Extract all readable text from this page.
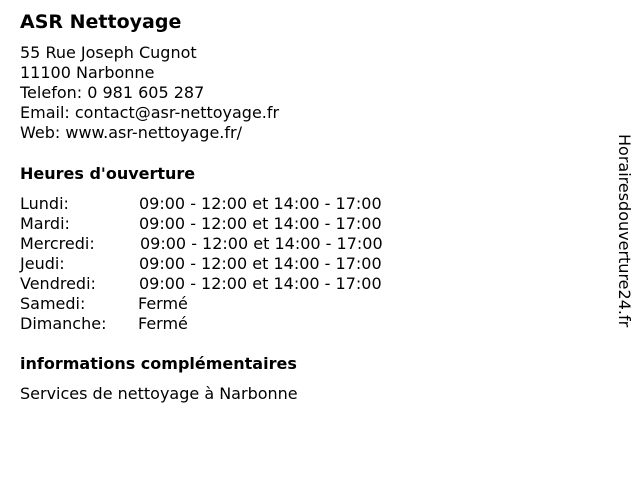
ASR Nettoyage
55 Rue Joseph Cugnot
11100 Narbonne
Telefon: 0 981 605 287
Email: contact@asr-nettoyage.fr
Web: www.asr-nettoyage.fr/
Heures d'ouverture
Lundi:	09:00 - 12:00 et 14:00 - 17:00
Mardi:	09:00 - 12:00 et 14:00 - 17:00
Mercredi:	09:00 - 12:00 et 14:00 - 17:00
Jeudi:	09:00 - 12:00 et 14:00 - 17:00
Vendredi:	09:00 - 12:00 et 14:00 - 17:00
Samedi:	Fermé
Dimanche: Fermé
informations complémentaires
Services de nettoyage à Narbonne
Horairesdouverture24.fr
